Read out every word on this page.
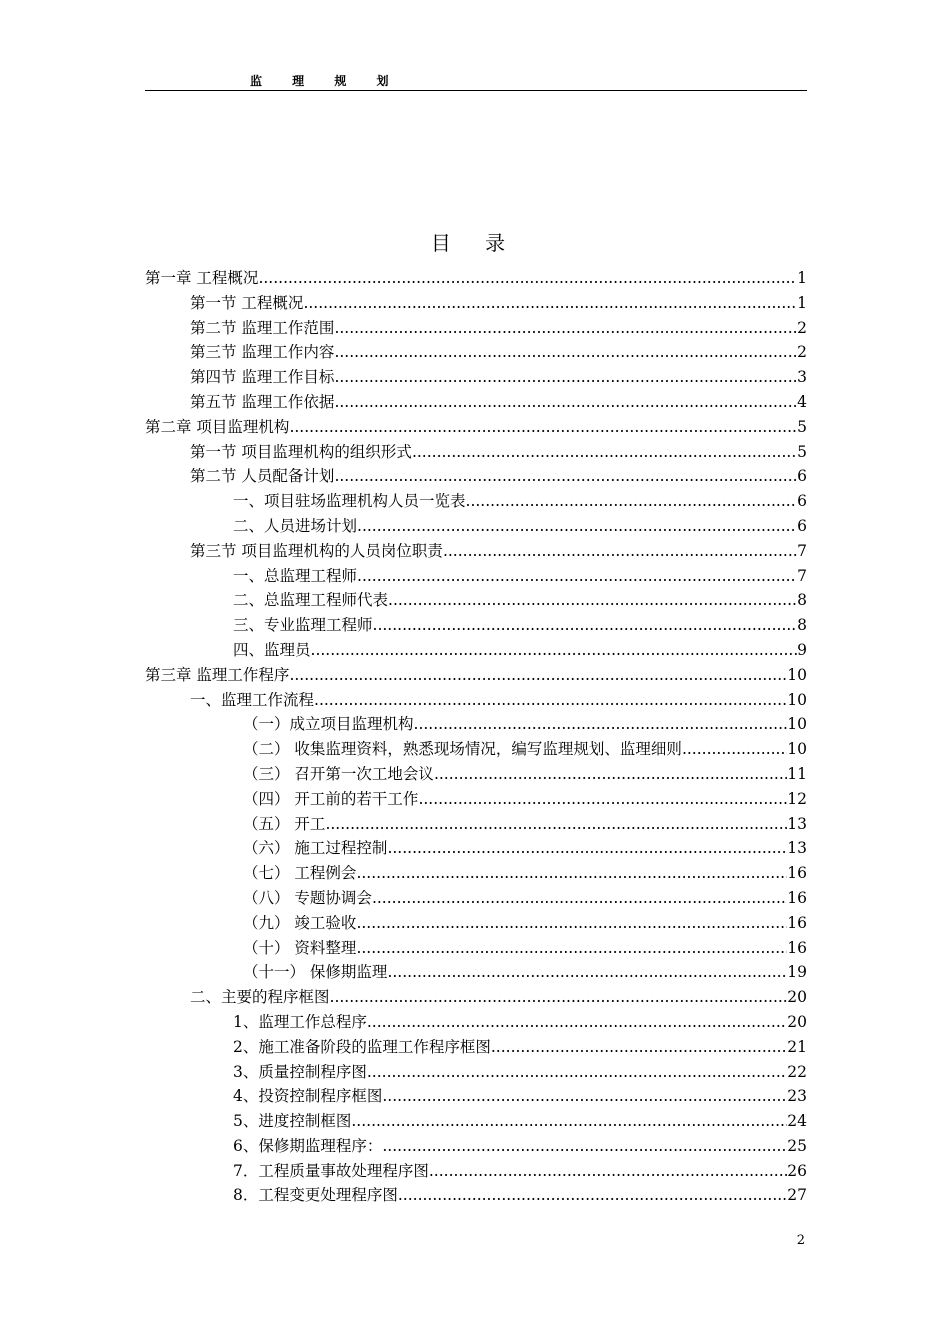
监 理 规 划
目 录
第一章 工程概况 .....	1
第一节 工程概况 .....	1
第二节 监理工作范围 .....	2
第三节 监理工作内容 .....	2
第四节 监理工作目标 .....	3
第五节 监理工作依据 .....	4
第二章 项目监理机构 .....	5
第一节 项目监理机构的组织形式 .....	5
第二节 人员配备计划 .....	6
一、项目驻场监理机构人员一览表 .....	6
二、人员进场计划 .....	6
第三节 项目监理机构的人员岗位职责 .....	7
一、总监理工程师 .....	7
二、总监理工程师代表 .....	8
三、专业监理工程师 .....	8
四、监理员 .....	9
第三章 监理工作程序 .....	10
一、监理工作流程 .....	10
（一）成立项目监理机构 .....	10
（二） 收集监理资料，熟悉现场情况，编写监理规划、监理细则 .....	10
（三） 召开第一次工地会议 .....	11
（四） 开工前的若干工作 .....	12
（五） 开工 .....	13
（六） 施工过程控制 .....	13
（七） 工程例会 .....	16
（八） 专题协调会 .....	16
（九） 竣工验收 .....	16
（十） 资料整理 .....	16
（十一） 保修期监理 .....	19
二、主要的程序框图 .....	20
1、监理工作总程序 .....	20
2、施工准备阶段的监理工作程序框图 .....	21
3、质量控制程序图 .....	22
4、投资控制程序框图 .....	23
5、进度控制框图 .....	24
6、保修期监理程序： .....	25
7．工程质量事故处理程序图 .....	26
8．工程变更处理程序图 .....	27
2
